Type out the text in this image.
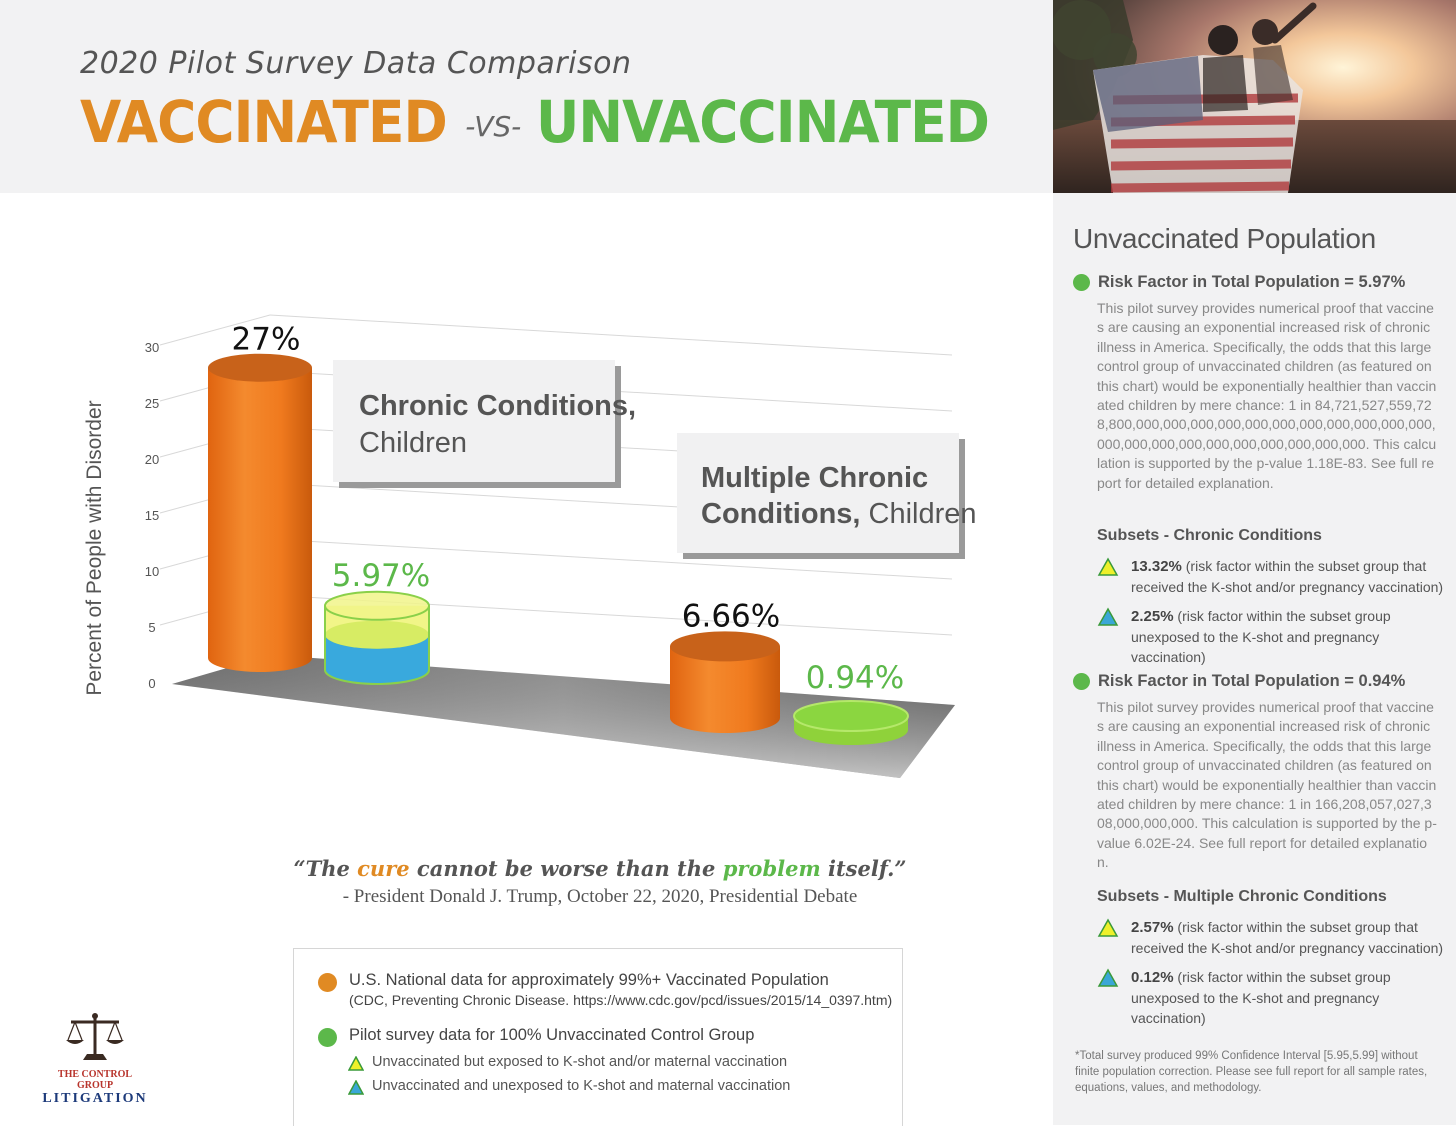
2020 Pilot Survey Data Comparison
VACCINATED -VS- UNVACCINATED
0
5
10
15
20
25
30
Percent of People with Disorder	Chronic Conditions,
Children
Multiple Chronic
Conditions, Children
27%
5.97%
6.66%
0.94%
“The cure cannot be worse than the problem itself.”
- President Donald J. Trump, October 22, 2020, Presidential Debate
U.S. National data for approximately 99%+ Vaccinated Population
(CDC, Preventing Chronic Disease. https://www.cdc.gov/pcd/issues/2015/14_0397.htm)
Pilot survey data for 100% Unvaccinated Control Group
Unvaccinated but exposed to K-shot and/or maternal vaccination
Unvaccinated and unexposed to K-shot and maternal vaccination
THE CONTROL GROUP
LITIGATION
Unvaccinated Population
Risk Factor in Total Population = 5.97%
This pilot survey provides numerical proof that vaccines are causing an exponential increased risk of chronic illness in America. Specifically, the odds that this large control group of unvaccinated children (as featured on this chart) would be exponentially healthier than vaccinated children by mere chance: 1 in 84,721,527,559,728,800,000,000,000,000,000,000,000,000,000,000,000,000,000,000,000,000,000,000,000,000,000. This calculation is supported by the p-value 1.18E-83. See full report for detailed explanation.
Subsets - Chronic Conditions
13.32% (risk factor within the subset group that received the K-shot and/or pregnancy vaccination)
2.25% (risk factor within the subset group unexposed to the K-shot and pregnancy vaccination)
Risk Factor in Total Population = 0.94%
This pilot survey provides numerical proof that vaccines are causing an exponential increased risk of chronic illness in America. Specifically, the odds that this large control group of unvaccinated children (as featured on this chart) would be exponentially healthier than vaccinated children by mere chance: 1 in 166,208,057,027,308,000,000,000. This calculation is supported by the p-value 6.02E-24. See full report for detailed explanation.
Subsets - Multiple Chronic Conditions
2.57% (risk factor within the subset group that received the K-shot and/or pregnancy vaccination)
0.12% (risk factor within the subset group unexposed to the K-shot and pregnancy vaccination)
*Total survey produced 99% Confidence Interval [5.95,5.99] without finite population correction. Please see full report for all sample rates, equations, values, and methodology.
